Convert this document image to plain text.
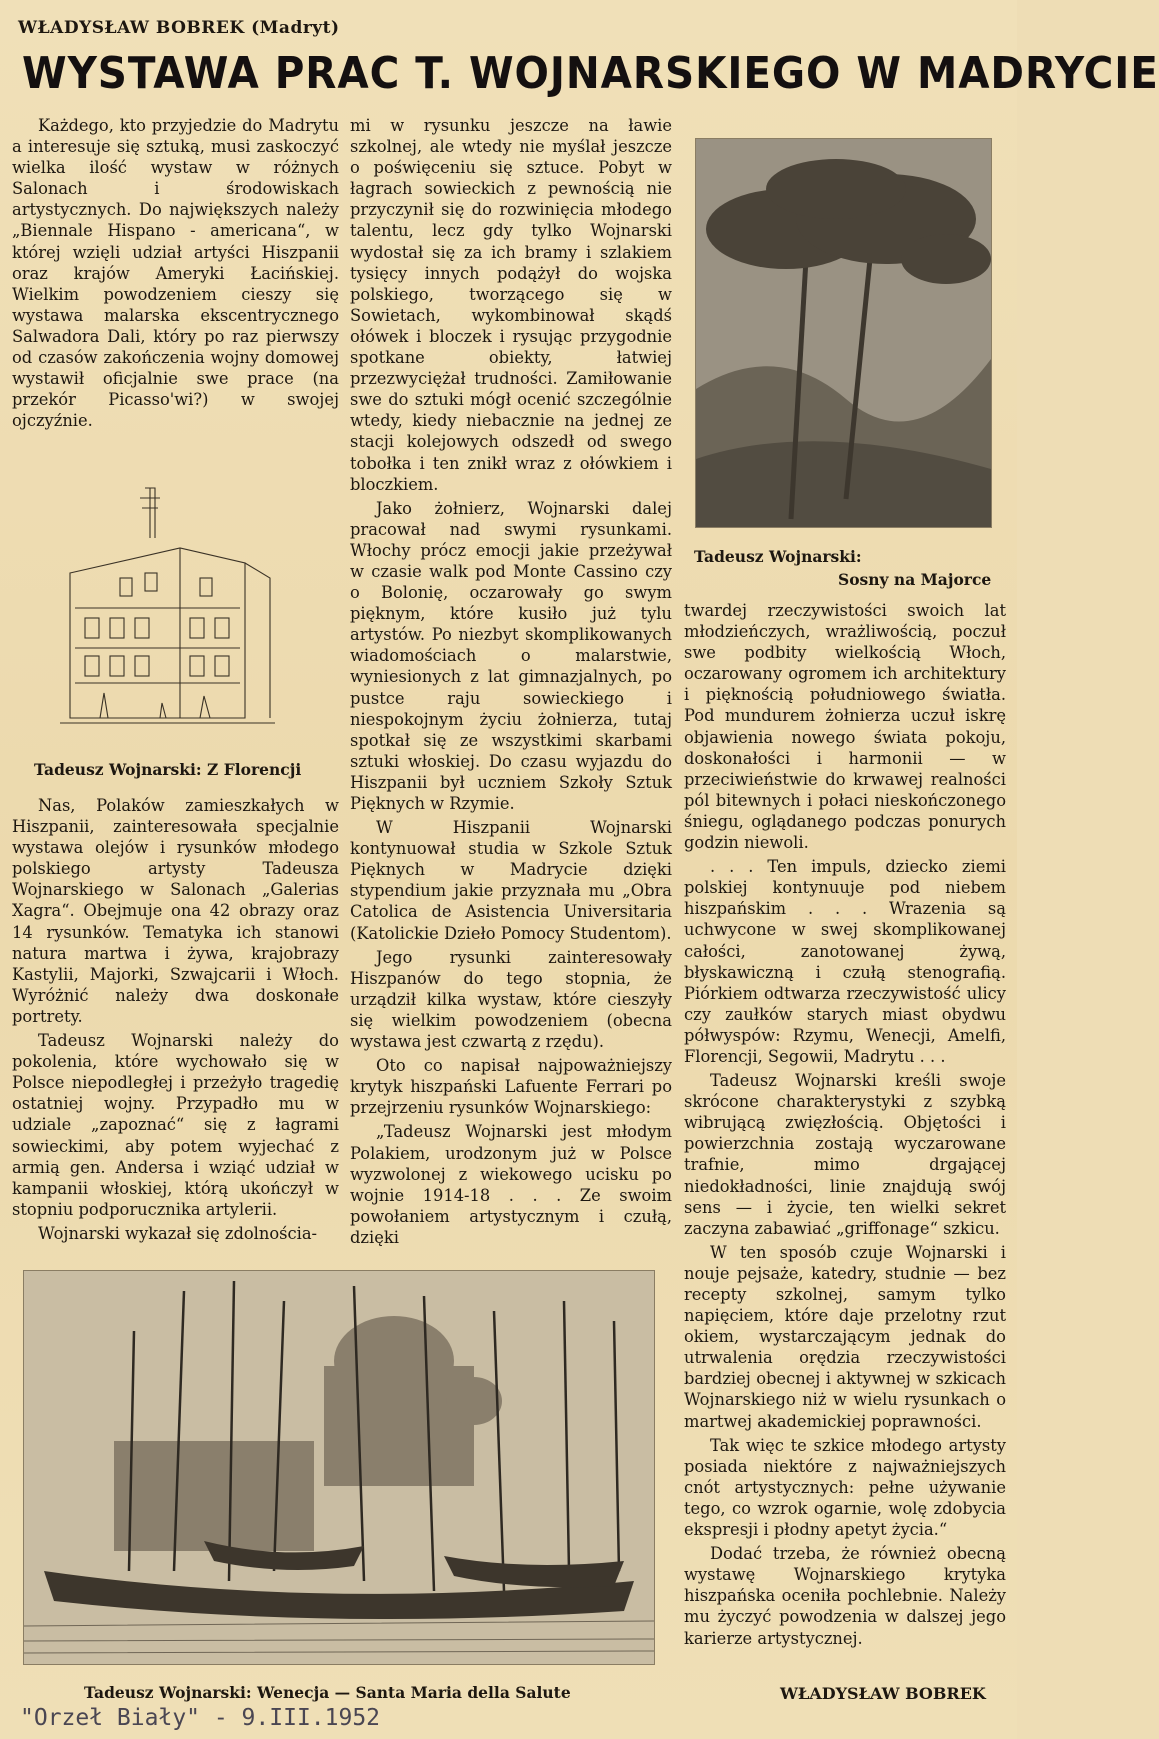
WŁADYSŁAW BOBREK (Madryt)
WYSTAWA PRAC T. WOJNARSKIEGO W MADRYCIE

Każdego, kto przyjedzie do Madrytu a interesuje się sztuką, musi zaskoczyć wielka ilość wystaw w różnych Salonach i środowiskach artystycznych. Do największych należy „Biennale Hispano - americana“, w której wzięli udział artyści Hiszpanii oraz krajów Ameryki Łacińskiej. Wielkim powodzeniem cieszy się wystawa malarska ekscentrycznego Salwadora Dali, który po raz pierwszy od czasów zakończenia wojny domowej wystawił oficjalnie swe prace (na przekór Picasso'wi?) w swojej ojczyźnie.

Tadeusz Wojnarski: Z Florencji

Nas, Polaków zamieszkałych w Hiszpanii, zainteresowała specjalnie wystawa olejów i rysunków młodego polskiego artysty Tadeusza Wojnarskiego w Salonach „Galerias Xagra“. Obejmuje ona 42 obrazy oraz 14 rysunków. Tematyka ich stanowi natura martwa i żywa, krajobrazy Kastylii, Majorki, Szwajcarii i Włoch. Wyróżnić należy dwa doskonałe portrety.

Tadeusz Wojnarski należy do pokolenia, które wychowało się w Polsce niepodległej i przeżyło tragedię ostatniej wojny. Przypadło mu w udziale „zapoznać“ się z łagrami sowieckimi, aby potem wyjechać z armią gen. Andersa i wziąć udział w kampanii włoskiej, którą ukończył w stopniu podporucznika artylerii.

Wojnarski wykazał się zdolnościa-

mi w rysunku jeszcze na ławie szkolnej, ale wtedy nie myślał jeszcze o poświęceniu się sztuce. Pobyt w łagrach sowieckich z pewnością nie przyczynił się do rozwinięcia młodego talentu, lecz gdy tylko Wojnarski wydostał się za ich bramy i szlakiem tysięcy innych podążył do wojska polskiego, tworzącego się w Sowietach, wykombinował skądś ołówek i bloczek i rysując przygodnie spotkane obiekty, łatwiej przezwyciężał trudności. Zamiłowanie swe do sztuki mógł ocenić szczególnie wtedy, kiedy niebacznie na jednej ze stacji kolejowych odszedł od swego tobołka i ten znikł wraz z ołówkiem i bloczkiem.

Jako żołnierz, Wojnarski dalej pracował nad swymi rysunkami. Włochy prócz emocji jakie przeżywał w czasie walk pod Monte Cassino czy o Bolonię, oczarowały go swym pięknym, które kusiło już tylu artystów. Po niezbyt skomplikowanych wiadomościach o malarstwie, wyniesionych z lat gimnazjalnych, po pustce raju sowieckiego i niespokojnym życiu żołnierza, tutaj spotkał się ze wszystkimi skarbami sztuki włoskiej. Do czasu wyjazdu do Hiszpanii był uczniem Szkoły Sztuk Pięknych w Rzymie.

W Hiszpanii Wojnarski kontynuował studia w Szkole Sztuk Pięknych w Madrycie dzięki stypendium jakie przyznała mu „Obra Catolica de Asistencia Universitaria (Katolickie Dzieło Pomocy Studentom).

Jego rysunki zainteresowały Hiszpanów do tego stopnia, że urządził kilka wystaw, które cieszyły się wielkim powodzeniem (obecna wystawa jest czwartą z rzędu).

Oto co napisał najpoważniejszy krytyk hiszpański Lafuente Ferrari po przejrzeniu rysunków Wojnarskiego:

„Tadeusz Wojnarski jest młodym Polakiem, urodzonym już w Polsce wyzwolonej z wiekowego ucisku po wojnie 1914-18 . . . Ze swoim powołaniem artystycznym i czułą, dzięki

Tadeusz Wojnarski:
Sosny na Majorce

twardej rzeczywistości swoich lat młodzieńczych, wrażliwością, poczuł swe podbity wielkością Włoch, oczarowany ogromem ich architektury i pięknością południowego światła. Pod mundurem żołnierza uczuł iskrę objawienia nowego świata pokoju, doskonałości i harmonii — w przeciwieństwie do krwawej realności pól bitewnych i połaci nieskończonego śniegu, oglądanego podczas ponurych godzin niewoli.

. . . Ten impuls, dziecko ziemi polskiej kontynuuje pod niebem hiszpańskim . . . Wrazenia są uchwycone w swej skomplikowanej całości, zanotowanej żywą, błyskawiczną i czułą stenografią. Piórkiem odtwarza rzeczywistość ulicy czy zaułków starych miast obydwu półwyspów: Rzymu, Wenecji, Amelfi, Florencji, Segowii, Madrytu . . .

Tadeusz Wojnarski kreśli swoje skrócone charakterystyki z szybką wibrującą zwięzłością. Objętości i powierzchnia zostają wyczarowane trafnie, mimo drgającej niedokładności, linie znajdują swój sens — i życie, ten wielki sekret zaczyna zabawiać „griffonage“ szkicu.

W ten sposób czuje Wojnarski i nouje pejsaże, katedry, studnie — bez recepty szkolnej, samym tylko napięciem, które daje przelotny rzut okiem, wystarczającym jednak do utrwalenia orędzia rzeczywistości bardziej obecnej i aktywnej w szkicach Wojnarskiego niż w wielu rysunkach o martwej akademickiej poprawności.

Tak więc te szkice młodego artysty posiada niektóre z najważniejszych cnót artystycznych: pełne używanie tego, co wzrok ogarnie, wolę zdobycia ekspresji i płodny apetyt życia.“

Dodać trzeba, że również obecną wystawę Wojnarskiego krytyka hiszpańska oceniła pochlebnie. Należy mu życzyć powodzenia w dalszej jego karierze artystycznej.

Tadeusz Wojnarski: Wenecja — Santa Maria della Salute	WŁADYSŁAW BOBREK
"Orzeł Biały" - 9.III.1952
